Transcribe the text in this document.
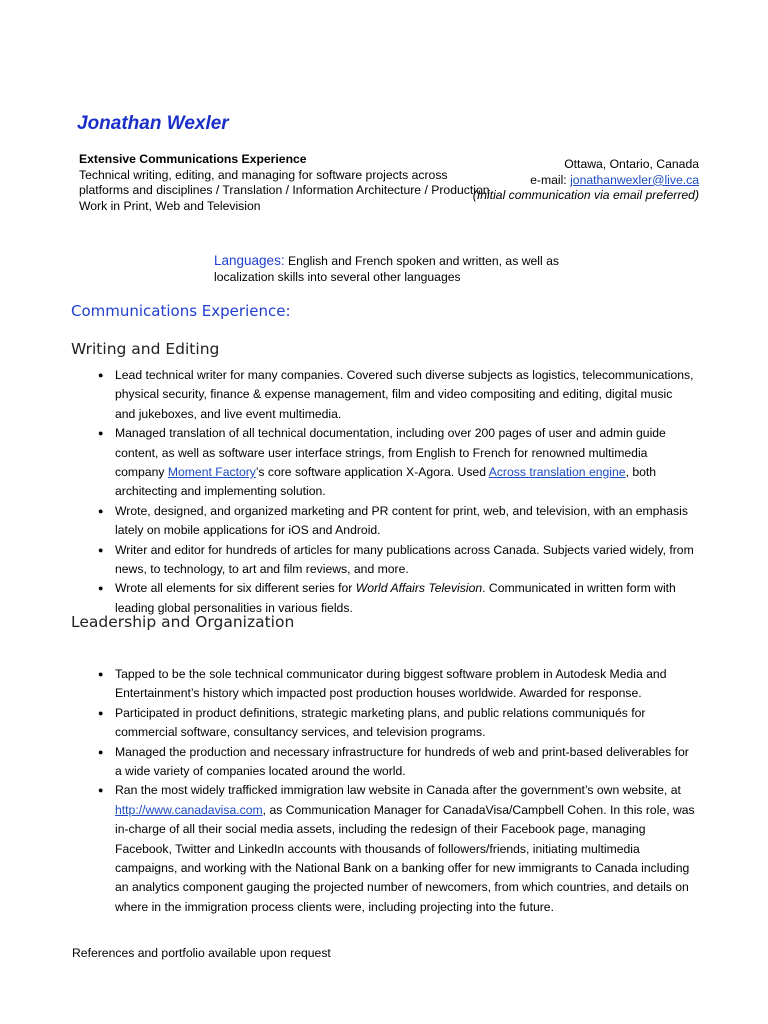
Jonathan Wexler
Extensive Communications Experience
Technical writing, editing, and managing for software projects across platforms and disciplines / Translation / Information Architecture / Production Work in Print, Web and Television
Ottawa, Ontario, Canada
e-mail: jonathanwexler@live.ca
(Initial communication via email preferred)
Languages: English and French spoken and written, as well as localization skills into several other languages
Communications Experience:
Writing and Editing
● Lead technical writer for many companies. Covered such diverse subjects as logistics, telecommunications, physical security, finance & expense management, film and video compositing and editing, digital music and jukeboxes, and live event multimedia.
● Managed translation of all technical documentation, including over 200 pages of user and admin guide content, as well as software user interface strings, from English to French for renowned multimedia company Moment Factory’s core software application X-Agora. Used Across translation engine, both architecting and implementing solution.
● Wrote, designed, and organized marketing and PR content for print, web, and television, with an emphasis lately on mobile applications for iOS and Android.
● Writer and editor for hundreds of articles for many publications across Canada. Subjects varied widely, from news, to technology, to art and film reviews, and more.
● Wrote all elements for six different series for World Affairs Television. Communicated in written form with leading global personalities in various fields.
Leadership and Organization
● Tapped to be the sole technical communicator during biggest software problem in Autodesk Media and Entertainment’s history which impacted post production houses worldwide. Awarded for response.
● Participated in product definitions, strategic marketing plans, and public relations communiqués for commercial software, consultancy services, and television programs.
● Managed the production and necessary infrastructure for hundreds of web and print-based deliverables for a wide variety of companies located around the world.
● Ran the most widely trafficked immigration law website in Canada after the government’s own website, at http://www.canadavisa.com, as Communication Manager for CanadaVisa/Campbell Cohen. In this role, was in-charge of all their social media assets, including the redesign of their Facebook page, managing Facebook, Twitter and LinkedIn accounts with thousands of followers/friends, initiating multimedia campaigns, and working with the National Bank on a banking offer for new immigrants to Canada including an analytics component gauging the projected number of newcomers, from which countries, and details on where in the immigration process clients were, including projecting into the future.

References and portfolio available upon request
